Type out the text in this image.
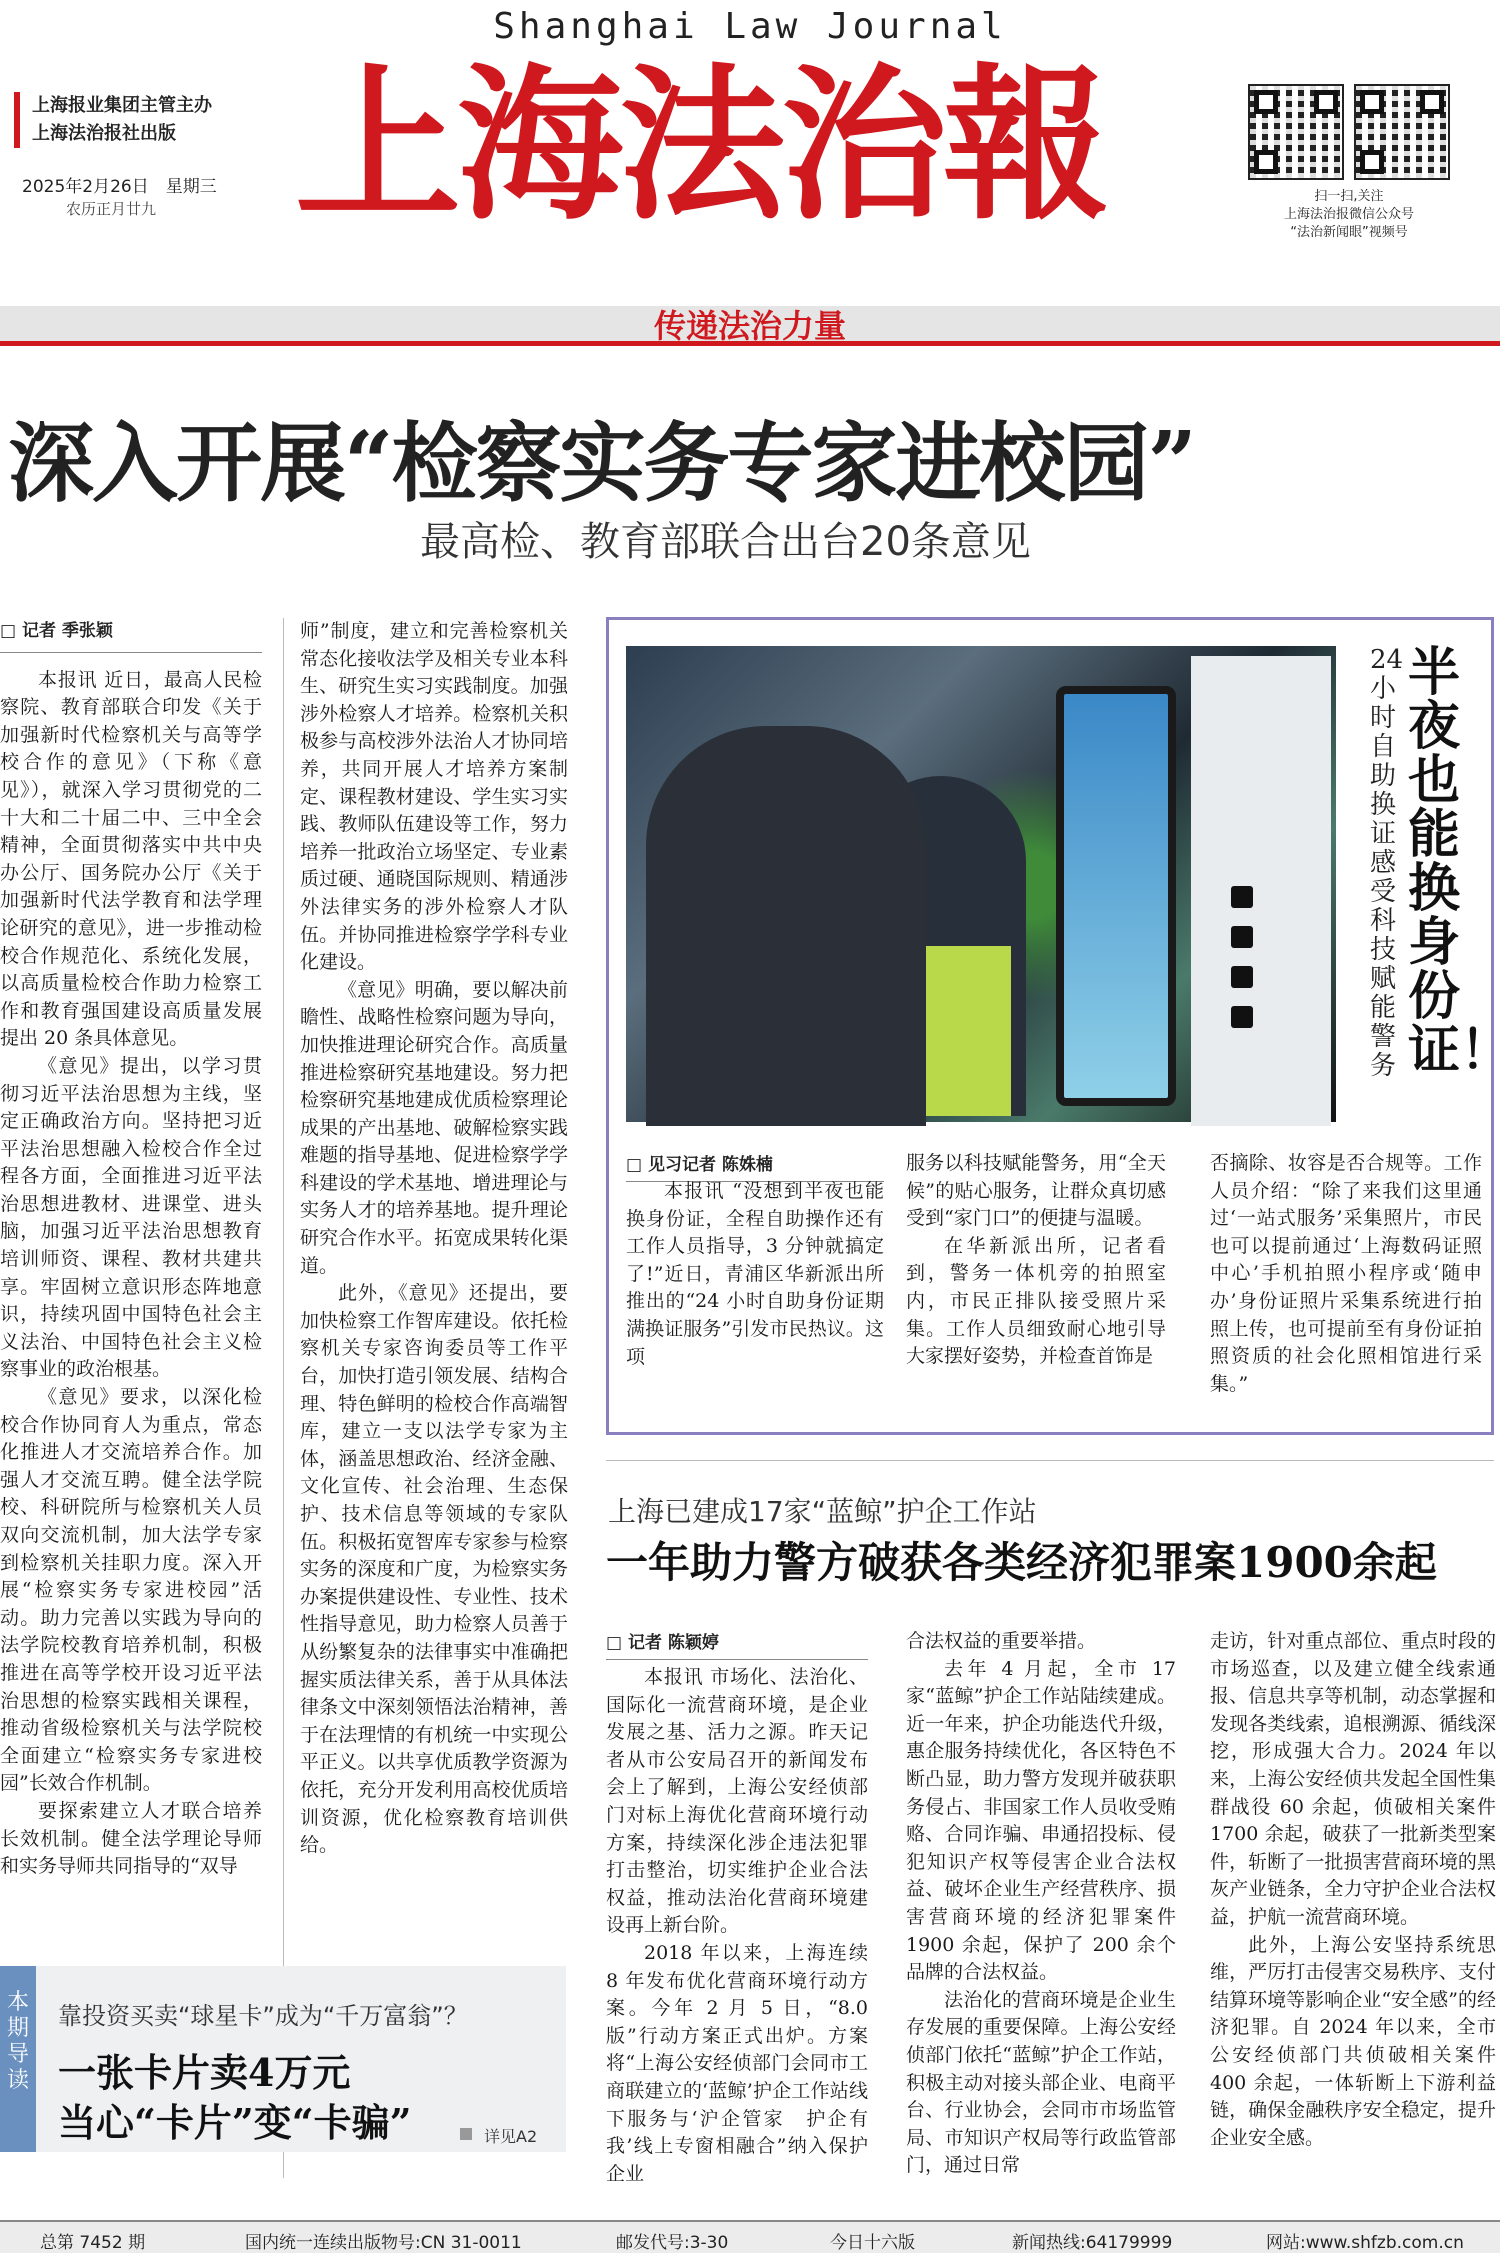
Shanghai Law Journal
上海报业集团主管主办
上海法治报社出版
2025年2月26日　星期三
农历正月廿九 上海法治報	扫一扫,关注
上海法治报微信公众号
“法治新闻眼”视频号
传递法治力量
深入开展“检察实务专家进校园”
最高检、教育部联合出台20条意见
□ 记者 季张颖

本报讯 近日，最高人民检察院、教育部联合印发《关于加强新时代检察机关与高等学校合作的意见》（下称《意见》），就深入学习贯彻党的二十大和二十届二中、三中全会精神，全面贯彻落实中共中央办公厅、国务院办公厅《关于加强新时代法学教育和法学理论研究的意见》，进一步推动检校合作规范化、系统化发展，以高质量检校合作助力检察工作和教育强国建设高质量发展提出 20 条具体意见。

《意见》提出，以学习贯彻习近平法治思想为主线，坚定正确政治方向。坚持把习近平法治思想融入检校合作全过程各方面，全面推进习近平法治思想进教材、进课堂、进头脑，加强习近平法治思想教育培训师资、课程、教材共建共享。牢固树立意识形态阵地意识，持续巩固中国特色社会主义法治、中国特色社会主义检察事业的政治根基。

《意见》要求，以深化检校合作协同育人为重点，常态化推进人才交流培养合作。加强人才交流互聘。健全法学院校、科研院所与检察机关人员双向交流机制，加大法学专家到检察机关挂职力度。深入开展“检察实务专家进校园”活动。助力完善以实践为导向的法学院校教育培养机制，积极推进在高等学校开设习近平法治思想的检察实践相关课程，推动省级检察机关与法学院校全面建立“检察实务专家进校园”长效合作机制。

要探索建立人才联合培养长效机制。健全法学理论导师和实务导师共同指导的“双导

师”制度，建立和完善检察机关常态化接收法学及相关专业本科生、研究生实习实践制度。加强涉外检察人才培养。检察机关积极参与高校涉外法治人才协同培养，共同开展人才培养方案制定、课程教材建设、学生实习实践、教师队伍建设等工作，努力培养一批政治立场坚定、专业素质过硬、通晓国际规则、精通涉外法律实务的涉外检察人才队伍。并协同推进检察学学科专业化建设。

《意见》明确，要以解决前瞻性、战略性检察问题为导向，加快推进理论研究合作。高质量推进检察研究基地建设。努力把检察研究基地建成优质检察理论成果的产出基地、破解检察实践难题的指导基地、促进检察学学科建设的学术基地、增进理论与实务人才的培养基地。提升理论研究合作水平。拓宽成果转化渠道。

此外，《意见》还提出，要加快检察工作智库建设。依托检察机关专家咨询委员等工作平台，加快打造引领发展、结构合理、特色鲜明的检校合作高端智库，建立一支以法学专家为主体，涵盖思想政治、经济金融、文化宣传、社会治理、生态保护、技术信息等领域的专家队伍。积极拓宽智库专家参与检察实务的深度和广度，为检察实务办案提供建设性、专业性、技术性指导意见，助力检察人员善于从纷繁复杂的法律事实中准确把握实质法律关系，善于从具体法律条文中深刻领悟法治精神，善于在法理情的有机统一中实现公平正义。以共享优质教学资源为依托，充分开发利用高校优质培训资源，优化检察教育培训供给。

24小时自助换证 感受科技赋能警务
半夜也能换身份证！
□ 见习记者 陈姝楠

本报讯 “没想到半夜也能换身份证，全程自助操作还有工作人员指导，3 分钟就搞定了!”近日，青浦区华新派出所推出的“24 小时自助身份证期满换证服务”引发市民热议。这项

服务以科技赋能警务，用“全天候”的贴心服务，让群众真切感受到“家门口”的便捷与温暖。

在华新派出所，记者看到，警务一体机旁的拍照室内，市民正排队接受照片采集。工作人员细致耐心地引导大家摆好姿势，并检查首饰是

否摘除、妆容是否合规等。工作人员介绍：“除了来我们这里通过‘一站式服务’采集照片，市民也可以提前通过‘上海数码证照中心’手机拍照小程序或‘随申办’身份证照片采集系统进行拍照上传，也可提前至有身份证拍照资质的社会化照相馆进行采集。”

上海已建成17家“蓝鲸”护企工作站
一年助力警方破获各类经济犯罪案1900余起
□ 记者 陈颖婷

本报讯 市场化、法治化、国际化一流营商环境，是企业发展之基、活力之源。昨天记者从市公安局召开的新闻发布会上了解到，上海公安经侦部门对标上海优化营商环境行动方案，持续深化涉企违法犯罪打击整治，切实维护企业合法权益，推动法治化营商环境建设再上新台阶。

2018 年以来，上海连续 8 年发布优化营商环境行动方案。今年 2 月 5 日，“8.0 版”行动方案正式出炉。方案将“上海公安经侦部门会同市工商联建立的‘蓝鲸’护企工作站线下服务与‘沪企管家　护企有我’线上专窗相融合”纳入保护企业

合法权益的重要举措。

去年 4 月起，全市 17 家“蓝鲸”护企工作站陆续建成。近一年来，护企功能迭代升级，惠企服务持续优化，各区特色不断凸显，助力警方发现并破获职务侵占、非国家工作人员收受贿赂、合同诈骗、串通招投标、侵犯知识产权等侵害企业合法权益、破坏企业生产经营秩序、损害营商环境的经济犯罪案件 1900 余起，保护了 200 余个品牌的合法权益。

法治化的营商环境是企业生存发展的重要保障。上海公安经侦部门依托“蓝鲸”护企工作站，积极主动对接头部企业、电商平台、行业协会，会同市市场监管局、市知识产权局等行政监管部门，通过日常

走访，针对重点部位、重点时段的市场巡查，以及建立健全线索通报、信息共享等机制，动态掌握和发现各类线索，追根溯源、循线深挖，形成强大合力。2024 年以来，上海公安经侦共发起全国性集群战役 60 余起，侦破相关案件 1700 余起，破获了一批新类型案件，斩断了一批损害营商环境的黑灰产业链条，全力守护企业合法权益，护航一流营商环境。

此外，上海公安坚持系统思维，严厉打击侵害交易秩序、支付结算环境等影响企业“安全感”的经济犯罪。自 2024 年以来，全市公安经侦部门共侦破相关案件 400 余起，一体斩断上下游利益链，确保金融秩序安全稳定，提升企业安全感。

本期导读
靠投资买卖“球星卡”成为“千万富翁”？
一张卡片卖4万元
当心“卡片”变“卡骗”	详见A2
总第 7452 期	国内统一连续出版物号:CN 31-0011	邮发代号:3-30	今日十六版	新闻热线:64179999	网站:www.shfzb.com.cn
